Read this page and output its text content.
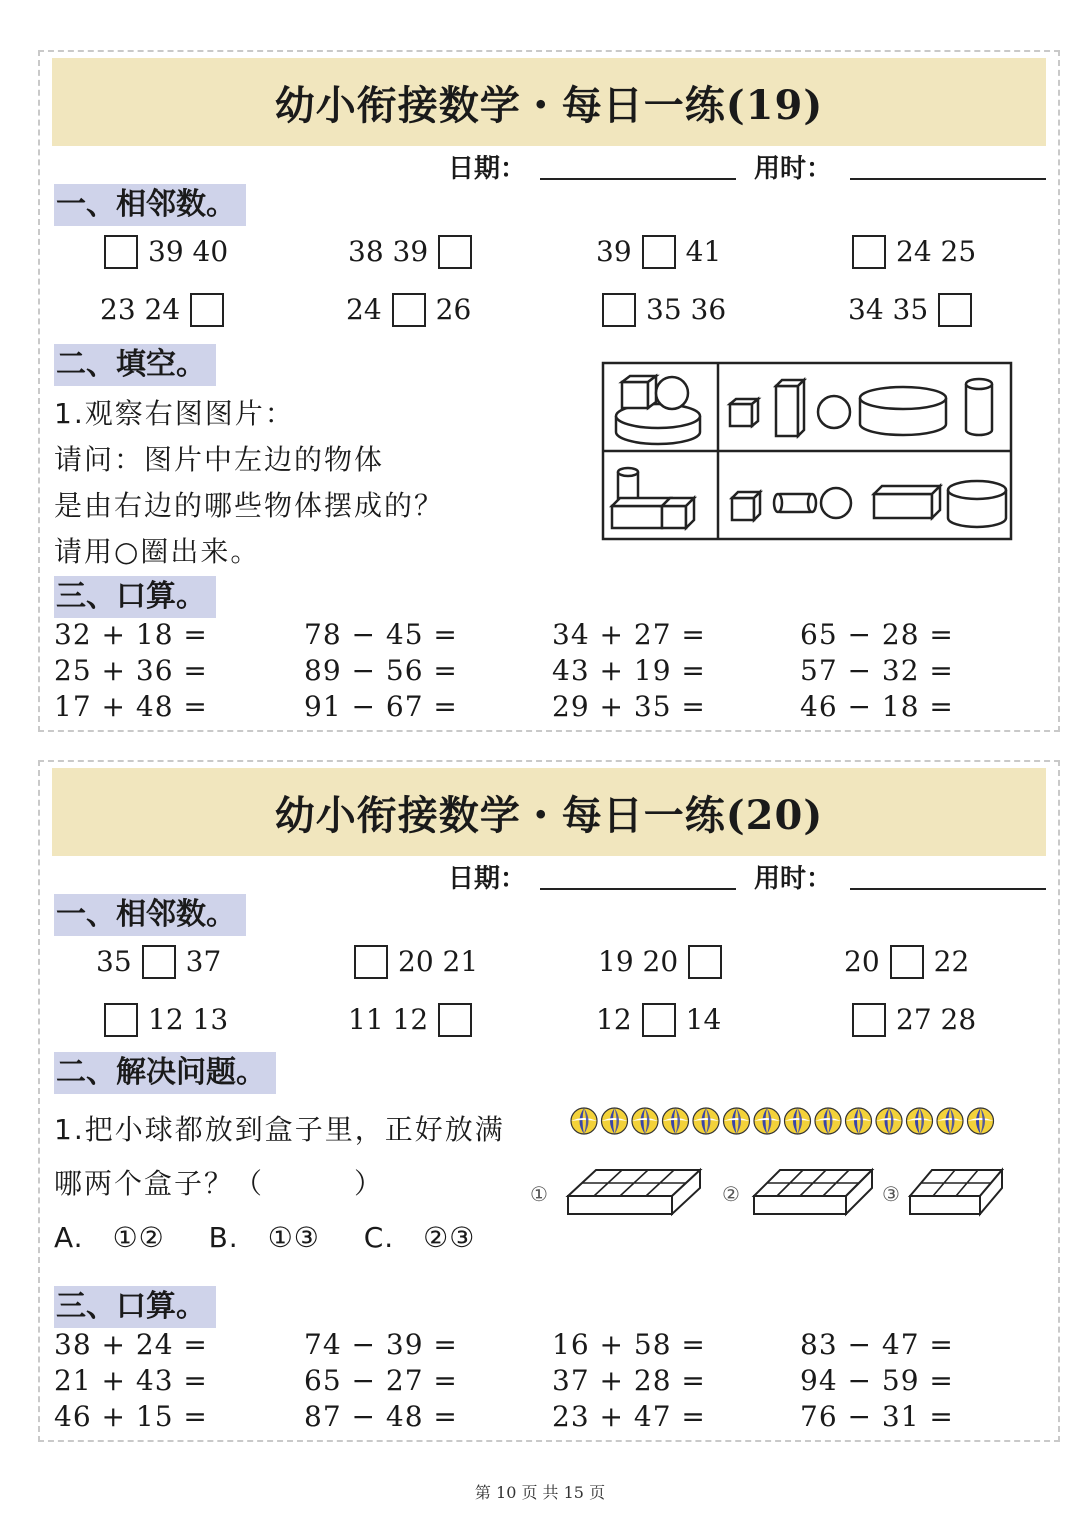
幼小衔接数学・每日一练(19)
日期：	用时：
一、相邻数。
39 40	38 39	39 41	24 25
23 24	24 26	35 36	34 35
二、填空。
1.观察右图图片：
请问：图片中左边的物体
是由右边的哪些物体摆成的？
请用○圈出来。
三、口算。
32 + 18 =	78 − 45 =	34 + 27 =	65 − 28 =
25 + 36 =	89 − 56 =	43 + 19 =	57 − 32 =
17 + 48 =	91 − 67 =	29 + 35 =	46 − 18 =
幼小衔接数学・每日一练(20)
日期：	用时：
一、相邻数。
35 37	20 21	19 20	20 22
12 13	11 12	12 14	27 28
二、解决问题。
1.把小球都放到盒子里，正好放满
哪两个盒子？（　　　）
A.　①② B.　①③ C.　②③
①	②	③
三、口算。
38 + 24 =	74 − 39 =	16 + 58 =	83 − 47 =
21 + 43 =	65 − 27 =	37 + 28 =	94 − 59 =
46 + 15 =	87 − 48 =	23 + 47 =	76 − 31 =
第 10 页 共 15 页
